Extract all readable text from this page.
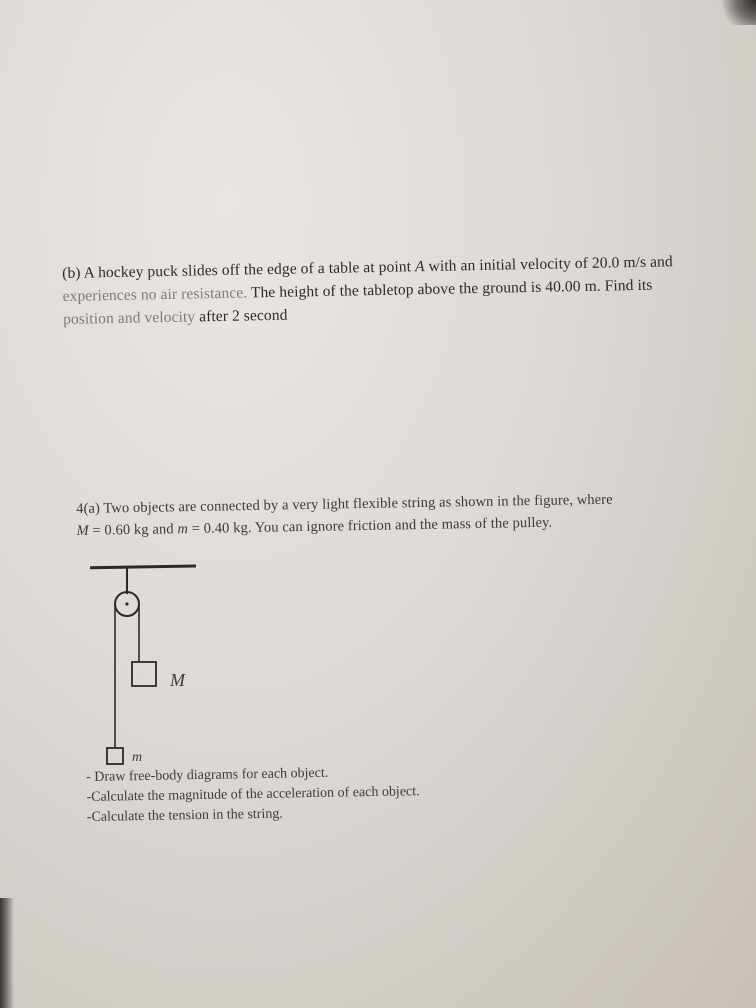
(b) A hockey puck slides off the edge of a table at point A with an initial velocity of 20.0 m/s and
experiences no air resistance. The height of the tabletop above the ground is 40.00 m. Find its
position and velocity after 2 second
4(a) Two objects are connected by a very light flexible string as shown in the figure, where
M = 0.60 kg and m = 0.40 kg. You can ignore friction and the mass of the pulley.
M
m
- Draw free-body diagrams for each object.
-Calculate the magnitude of the acceleration of each object.
-Calculate the tension in the string.
